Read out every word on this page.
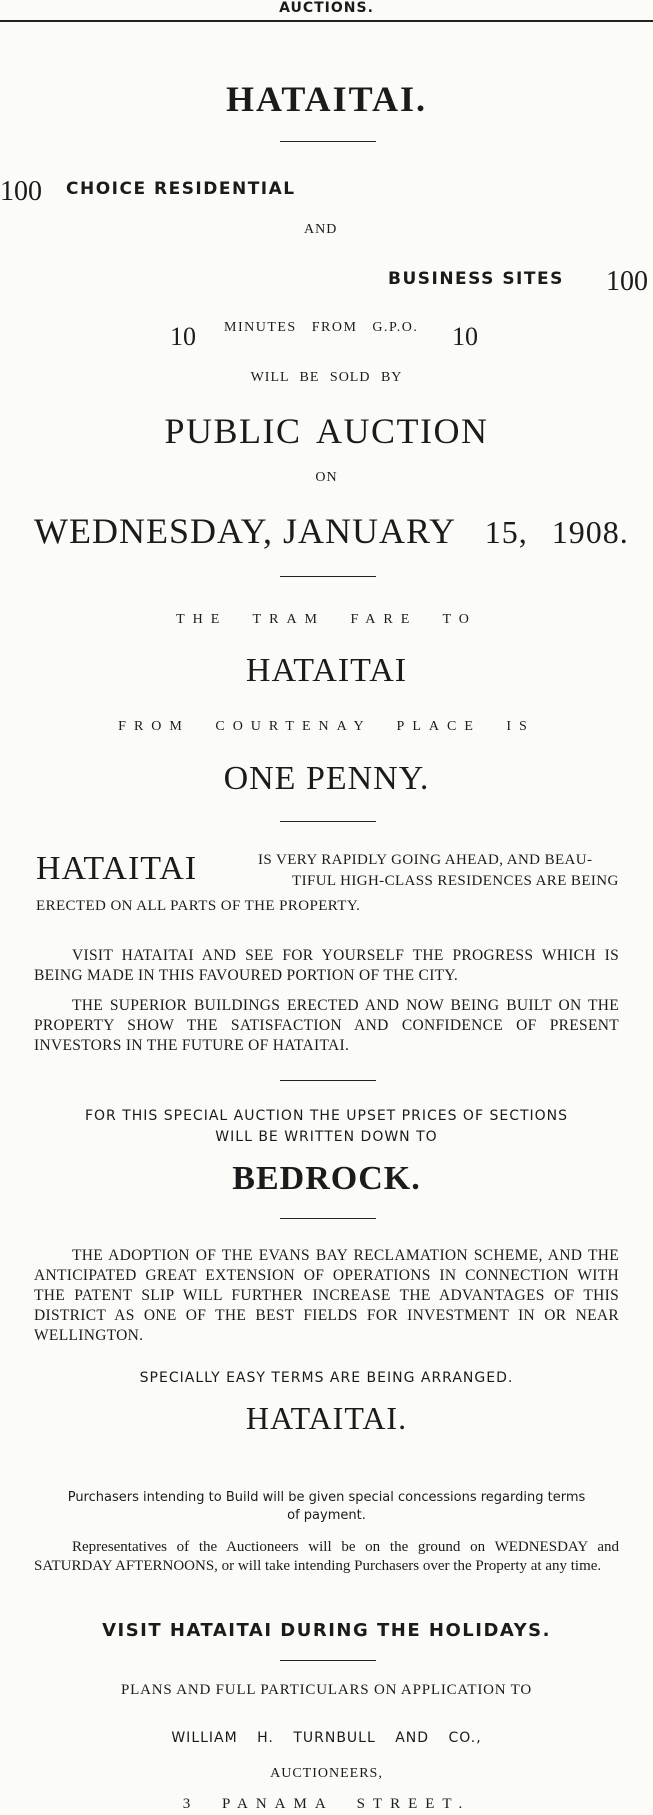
AUCTIONS.
HATAITAI.
100 CHOICE RESIDENTIAL
AND
BUSINESS SITES 100
10 MINUTES FROM G.P.O. 10
WILL BE SOLD BY
PUBLIC AUCTION
ON
WEDNESDAY, JANUARY 15, 1908.
THE TRAM FARE TO
HATAITAI
FROM COURTENAY PLACE IS
ONE PENNY.
HATAITAI	IS VERY RAPIDLY GOING AHEAD, AND BEAU-
TIFUL HIGH-CLASS RESIDENCES ARE BEING
ERECTED ON ALL PARTS OF THE PROPERTY.
VISIT HATAITAI AND SEE FOR YOURSELF THE PROGRESS WHICH IS BEING MADE IN THIS FAVOURED PORTION OF THE CITY.
THE SUPERIOR BUILDINGS ERECTED AND NOW BEING BUILT ON THE PROPERTY SHOW THE SATISFACTION AND CONFIDENCE OF PRESENT INVESTORS IN THE FUTURE OF HATAITAI.
FOR THIS SPECIAL AUCTION THE UPSET PRICES OF SECTIONS
WILL BE WRITTEN DOWN TO
BEDROCK.
THE ADOPTION OF THE EVANS BAY RECLAMATION SCHEME, AND THE ANTICIPATED GREAT EXTENSION OF OPERATIONS IN CONNECTION WITH THE PATENT SLIP WILL FURTHER INCREASE THE ADVANTAGES OF THIS DISTRICT AS ONE OF THE BEST FIELDS FOR INVESTMENT IN OR NEAR WELLINGTON.
SPECIALLY EASY TERMS ARE BEING ARRANGED.
HATAITAI.
Purchasers intending to Build will be given special concessions regarding terms
of payment.
Representatives of the Auctioneers will be on the ground on WEDNESDAY and SATURDAY AFTERNOONS, or will take intending Purchasers over the Property at any time.
VISIT HATAITAI DURING THE HOLIDAYS.
PLANS AND FULL PARTICULARS ON APPLICATION TO
WILLIAM H. TURNBULL AND CO.,
AUCTIONEERS,
3 PANAMA STREET.
